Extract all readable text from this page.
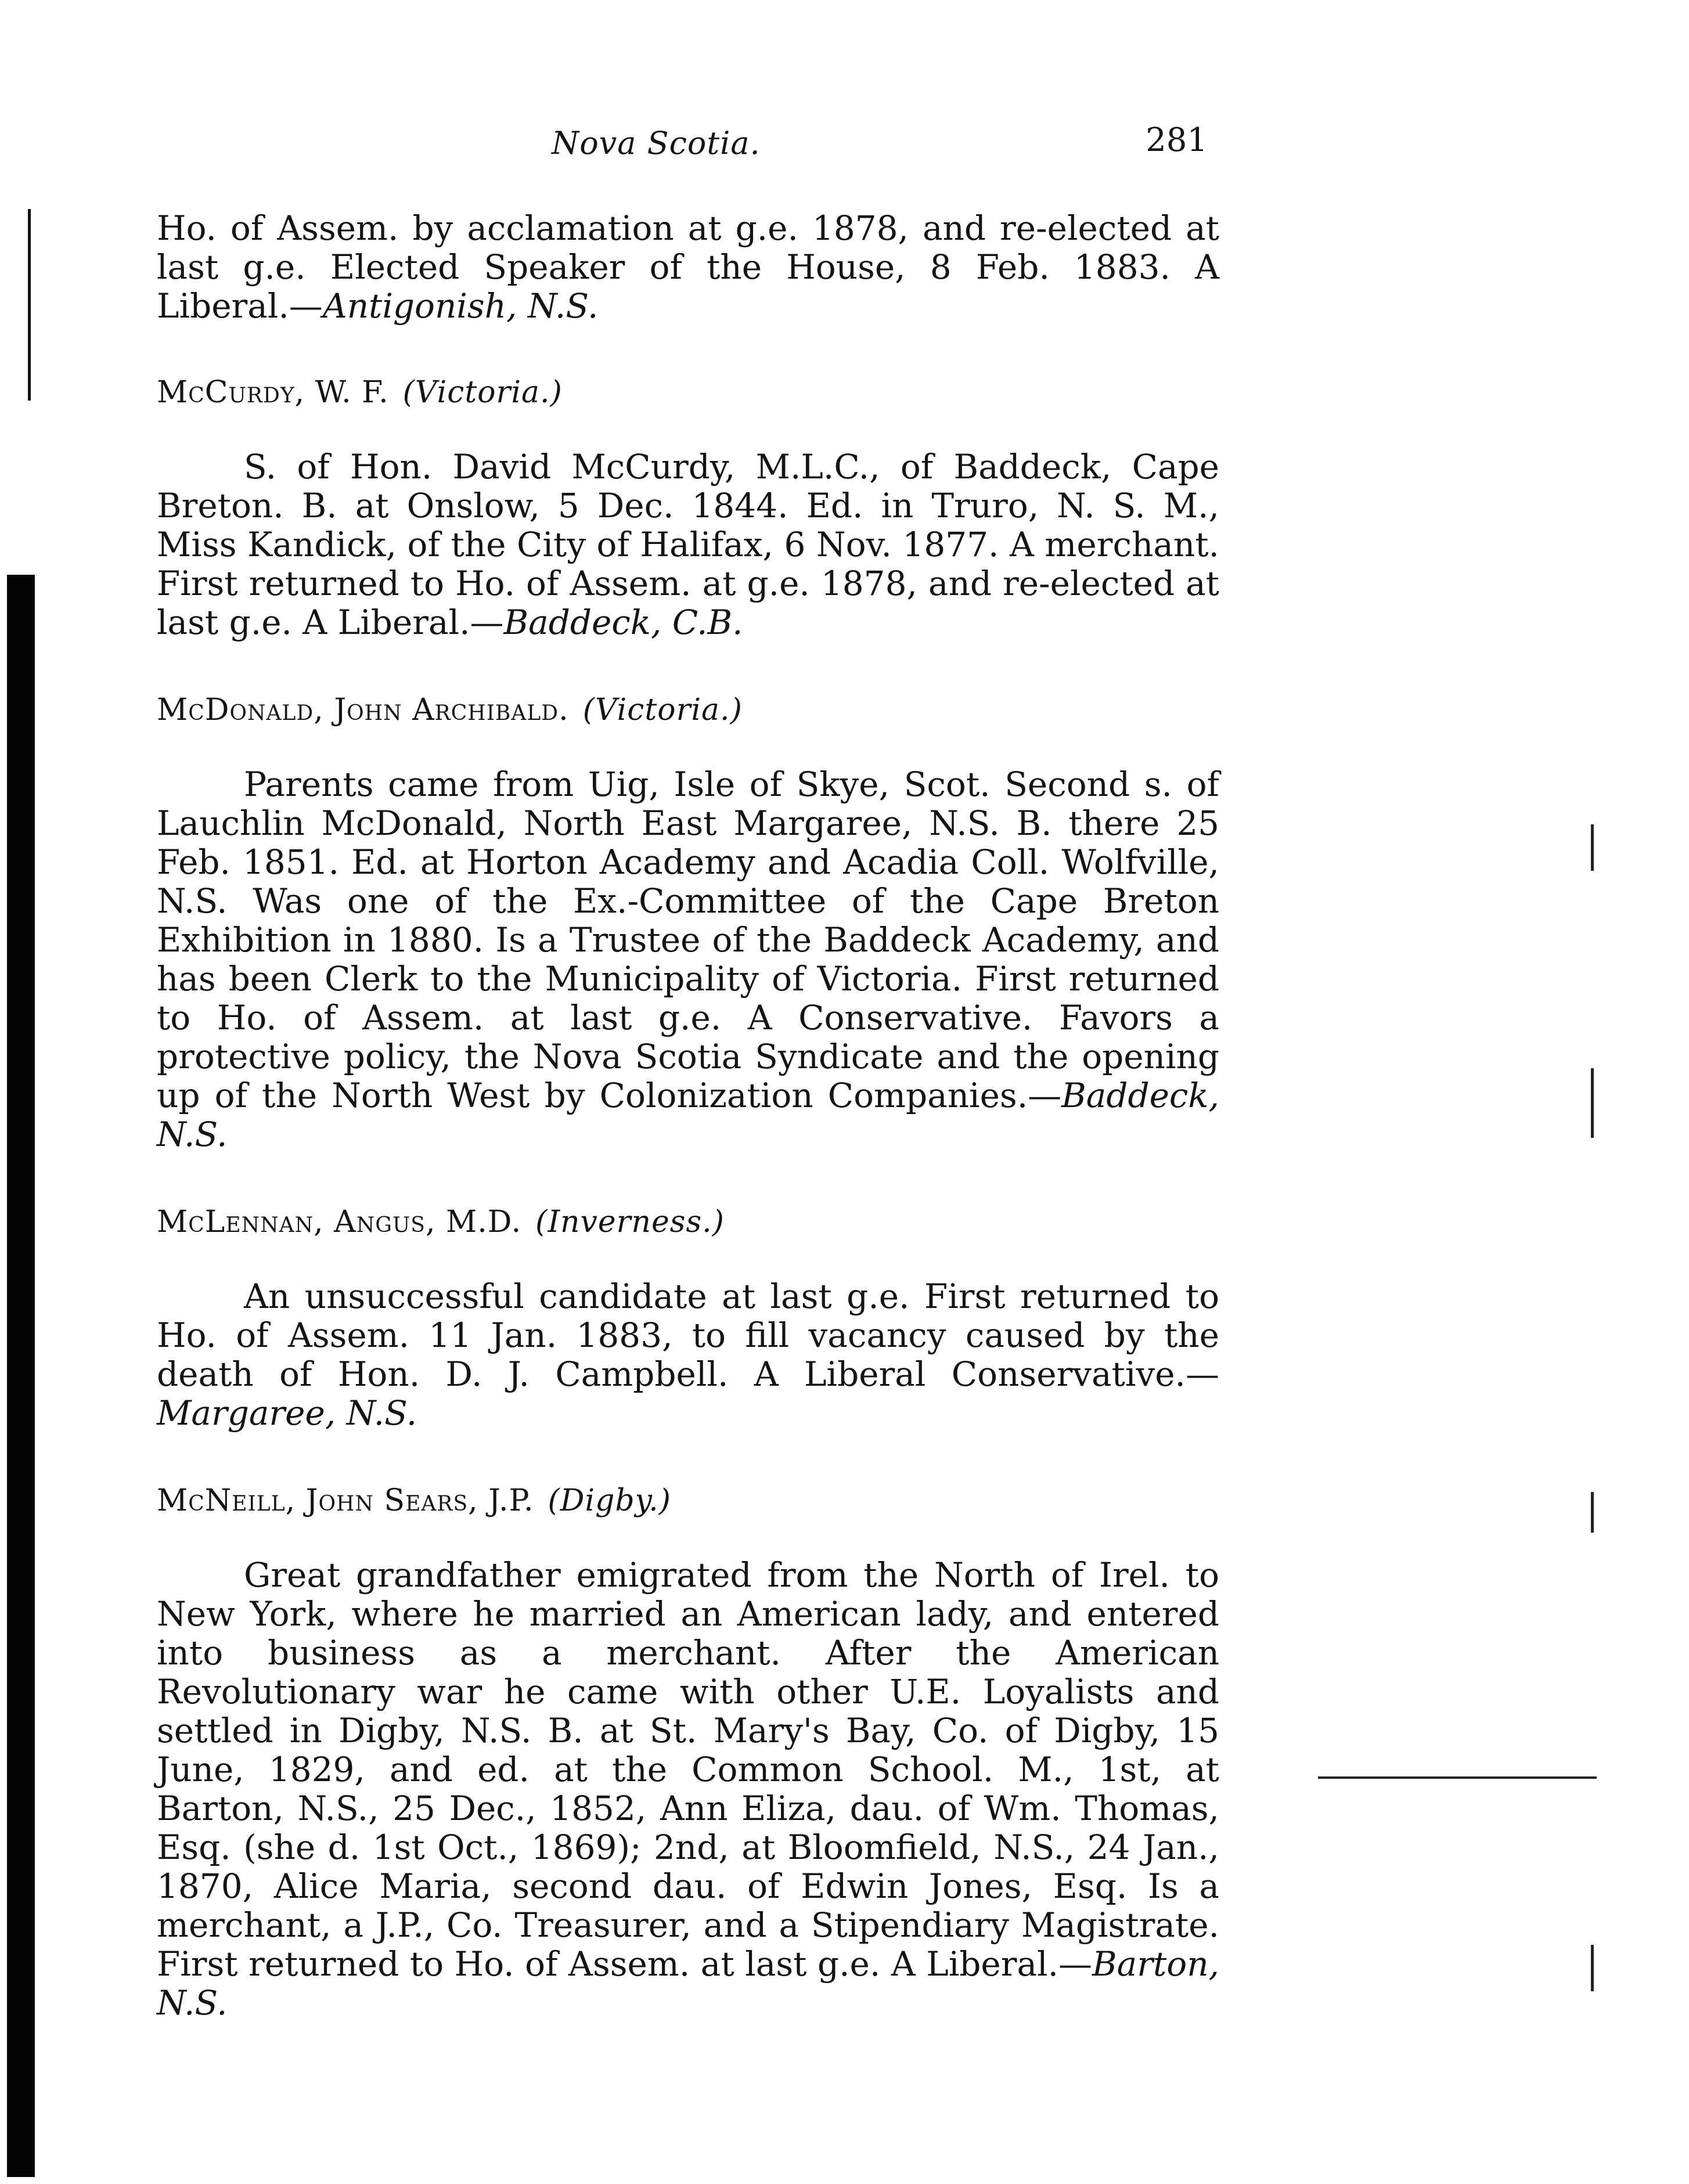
Nova Scotia.	281

Ho. of Assem. by acclamation at g.e. 1878, and re-elected at last g.e. Elected Speaker of the House, 8 Feb. 1883. A Liberal.—Antigonish, N.S.

McCurdy, W. F. (Victoria.)

S. of Hon. David McCurdy, M.L.C., of Baddeck, Cape Breton. B. at Onslow, 5 Dec. 1844. Ed. in Truro, N. S. M., Miss Kandick, of the City of Halifax, 6 Nov. 1877. A merchant. First returned to Ho. of Assem. at g.e. 1878, and re-elected at last g.e. A Liberal.—Baddeck, C.B.

McDonald, John Archibald. (Victoria.)

Parents came from Uig, Isle of Skye, Scot. Second s. of Lauchlin McDonald, North East Margaree, N.S. B. there 25 Feb. 1851. Ed. at Horton Academy and Acadia Coll. Wolfville, N.S. Was one of the Ex.-Committee of the Cape Breton Exhibition in 1880. Is a Trustee of the Baddeck Academy, and has been Clerk to the Municipality of Victoria. First returned to Ho. of Assem. at last g.e. A Conservative. Favors a protective policy, the Nova Scotia Syndicate and the opening up of the North West by Colonization Companies.—Baddeck, N.S.

McLennan, Angus, M.D. (Inverness.)

An unsuccessful candidate at last g.e. First returned to Ho. of Assem. 11 Jan. 1883, to fill vacancy caused by the death of Hon. D. J. Campbell. A Liberal Conservative.—Margaree, N.S.

McNeill, John Sears, J.P. (Digby.)

Great grandfather emigrated from the North of Irel. to New York, where he married an American lady, and entered into business as a merchant. After the American Revolutionary war he came with other U.E. Loyalists and settled in Digby, N.S. B. at St. Mary's Bay, Co. of Digby, 15 June, 1829, and ed. at the Common School. M., 1st, at Barton, N.S., 25 Dec., 1852, Ann Eliza, dau. of Wm. Thomas, Esq. (she d. 1st Oct., 1869); 2nd, at Bloomfield, N.S., 24 Jan., 1870, Alice Maria, second dau. of Edwin Jones, Esq. Is a merchant, a J.P., Co. Treasurer, and a Stipendiary Magistrate. First returned to Ho. of Assem. at last g.e. A Liberal.—Barton, N.S.
